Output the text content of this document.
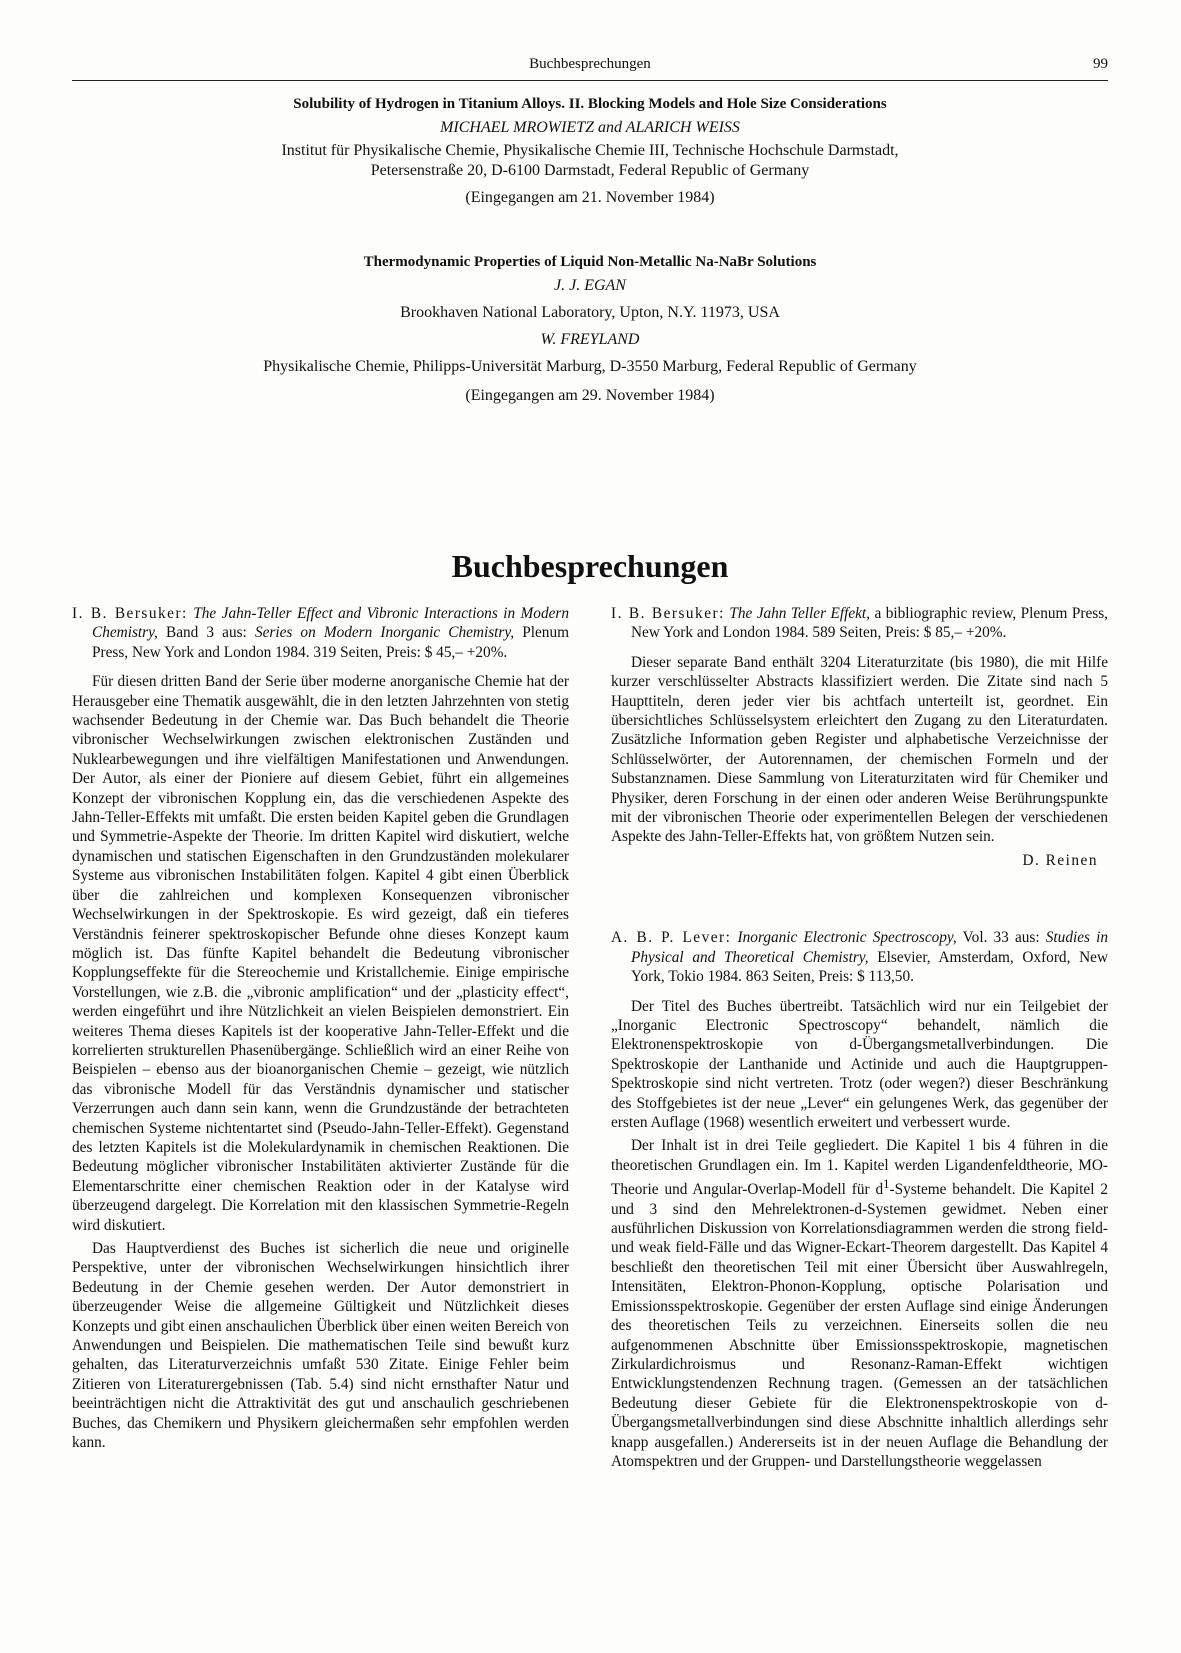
Buchbesprechungen	99
Solubility of Hydrogen in Titanium Alloys. II. Blocking Models and Hole Size Considerations
MICHAEL MROWIETZ and ALARICH WEISS
Institut für Physikalische Chemie, Physikalische Chemie III, Technische Hochschule Darmstadt,
Petersenstraße 20, D-6100 Darmstadt, Federal Republic of Germany
(Eingegangen am 21. November 1984)
Thermodynamic Properties of Liquid Non-Metallic Na-NaBr Solutions
J. J. EGAN
Brookhaven National Laboratory, Upton, N.Y. 11973, USA
W. FREYLAND
Physikalische Chemie, Philipps-Universität Marburg, D-3550 Marburg, Federal Republic of Germany
(Eingegangen am 29. November 1984)
Buchbesprechungen

I. B. Bersuker: The Jahn-Teller Effect and Vibronic Interactions in Modern Chemistry, Band 3 aus: Series on Modern Inorganic Chemistry, Plenum Press, New York and London 1984. 319 Seiten, Preis: $ 45,– +20%.

Für diesen dritten Band der Serie über moderne anorganische Chemie hat der Herausgeber eine Thematik ausgewählt, die in den letzten Jahrzehnten von stetig wachsender Bedeutung in der Chemie war. Das Buch behandelt die Theorie vibronischer Wechselwirkungen zwischen elektronischen Zuständen und Nuklearbewegungen und ihre vielfältigen Manifestationen und Anwendungen. Der Autor, als einer der Pioniere auf diesem Gebiet, führt ein allgemeines Konzept der vibronischen Kopplung ein, das die verschiedenen Aspekte des Jahn-Teller-Effekts mit umfaßt. Die ersten beiden Kapitel geben die Grundlagen und Symmetrie-Aspekte der Theorie. Im dritten Kapitel wird diskutiert, welche dynamischen und statischen Eigenschaften in den Grundzuständen molekularer Systeme aus vibronischen Instabilitäten folgen. Kapitel 4 gibt einen Überblick über die zahlreichen und komplexen Konsequenzen vibronischer Wechselwirkungen in der Spektroskopie. Es wird gezeigt, daß ein tieferes Verständnis feinerer spektroskopischer Befunde ohne dieses Konzept kaum möglich ist. Das fünfte Kapitel behandelt die Bedeutung vibronischer Kopplungseffekte für die Stereochemie und Kristallchemie. Einige empirische Vorstellungen, wie z.B. die „vibronic amplification“ und der „plasticity effect“, werden eingeführt und ihre Nützlichkeit an vielen Beispielen demonstriert. Ein weiteres Thema dieses Kapitels ist der kooperative Jahn-Teller-Effekt und die korrelierten strukturellen Phasenübergänge. Schließlich wird an einer Reihe von Beispielen – ebenso aus der bioanorganischen Chemie – gezeigt, wie nützlich das vibronische Modell für das Verständnis dynamischer und statischer Verzerrungen auch dann sein kann, wenn die Grundzustände der betrachteten chemischen Systeme nichtentartet sind (Pseudo-Jahn-Teller-Effekt). Gegenstand des letzten Kapitels ist die Molekulardynamik in chemischen Reaktionen. Die Bedeutung möglicher vibronischer Instabilitäten aktivierter Zustände für die Elementarschritte einer chemischen Reaktion oder in der Katalyse wird überzeugend dargelegt. Die Korrelation mit den klassischen Symmetrie-Regeln wird diskutiert.

Das Hauptverdienst des Buches ist sicherlich die neue und originelle Perspektive, unter der vibronischen Wechselwirkungen hinsichtlich ihrer Bedeutung in der Chemie gesehen werden. Der Autor demonstriert in überzeugender Weise die allgemeine Gültigkeit und Nützlichkeit dieses Konzepts und gibt einen anschaulichen Überblick über einen weiten Bereich von Anwendungen und Beispielen. Die mathematischen Teile sind bewußt kurz gehalten, das Literaturverzeichnis umfaßt 530 Zitate. Einige Fehler beim Zitieren von Literaturergebnissen (Tab. 5.4) sind nicht ernsthafter Natur und beeinträchtigen nicht die Attraktivität des gut und anschaulich geschriebenen Buches, das Chemikern und Physikern gleichermaßen sehr empfohlen werden kann.

I. B. Bersuker: The Jahn Teller Effekt, a bibliographic review, Plenum Press, New York and London 1984. 589 Seiten, Preis: $ 85,– +20%.

Dieser separate Band enthält 3204 Literaturzitate (bis 1980), die mit Hilfe kurzer verschlüsselter Abstracts klassifiziert werden. Die Zitate sind nach 5 Haupttiteln, deren jeder vier bis achtfach unterteilt ist, geordnet. Ein übersichtliches Schlüsselsystem erleichtert den Zugang zu den Literaturdaten. Zusätzliche Information geben Register und alphabetische Verzeichnisse der Schlüsselwörter, der Autorennamen, der chemischen Formeln und der Substanznamen. Diese Sammlung von Literaturzitaten wird für Chemiker und Physiker, deren Forschung in der einen oder anderen Weise Berührungspunkte mit der vibronischen Theorie oder experimentellen Belegen der verschiedenen Aspekte des Jahn-Teller-Effekts hat, von größtem Nutzen sein.

D. Reinen

A. B. P. Lever: Inorganic Electronic Spectroscopy, Vol. 33 aus: Studies in Physical and Theoretical Chemistry, Elsevier, Amsterdam, Oxford, New York, Tokio 1984. 863 Seiten, Preis: $ 113,50.

Der Titel des Buches übertreibt. Tatsächlich wird nur ein Teilgebiet der „Inorganic Electronic Spectroscopy“ behandelt, nämlich die Elektronenspektroskopie von d-Übergangsmetallverbindungen. Die Spektroskopie der Lanthanide und Actinide und auch die Hauptgruppen-Spektroskopie sind nicht vertreten. Trotz (oder wegen?) dieser Beschränkung des Stoffgebietes ist der neue „Lever“ ein gelungenes Werk, das gegenüber der ersten Auflage (1968) wesentlich erweitert und verbessert wurde.

Der Inhalt ist in drei Teile gegliedert. Die Kapitel 1 bis 4 führen in die theoretischen Grundlagen ein. Im 1. Kapitel werden Ligandenfeldtheorie, MO-Theorie und Angular-Overlap-Modell für $d^1$-Systeme behandelt. Die Kapitel 2 und 3 sind den Mehrelektronen-d-Systemen gewidmet. Neben einer ausführlichen Diskussion von Korrelationsdiagrammen werden die strong field- und weak field-Fälle und das Wigner-Eckart-Theorem dargestellt. Das Kapitel 4 beschließt den theoretischen Teil mit einer Übersicht über Auswahlregeln, Intensitäten, Elektron-Phonon-Kopplung, optische Polarisation und Emissionsspektroskopie. Gegenüber der ersten Auflage sind einige Änderungen des theoretischen Teils zu verzeichnen. Einerseits sollen die neu aufgenommenen Abschnitte über Emissionsspektroskopie, magnetischen Zirkulardichroismus und Resonanz-Raman-Effekt wichtigen Entwicklungstendenzen Rechnung tragen. (Gemessen an der tatsächlichen Bedeutung dieser Gebiete für die Elektronenspektroskopie von d-Übergangsmetallverbindungen sind diese Abschnitte inhaltlich allerdings sehr knapp ausgefallen.) Andererseits ist in der neuen Auflage die Behandlung der Atomspektren und der Gruppen- und Darstellungstheorie weggelassen
